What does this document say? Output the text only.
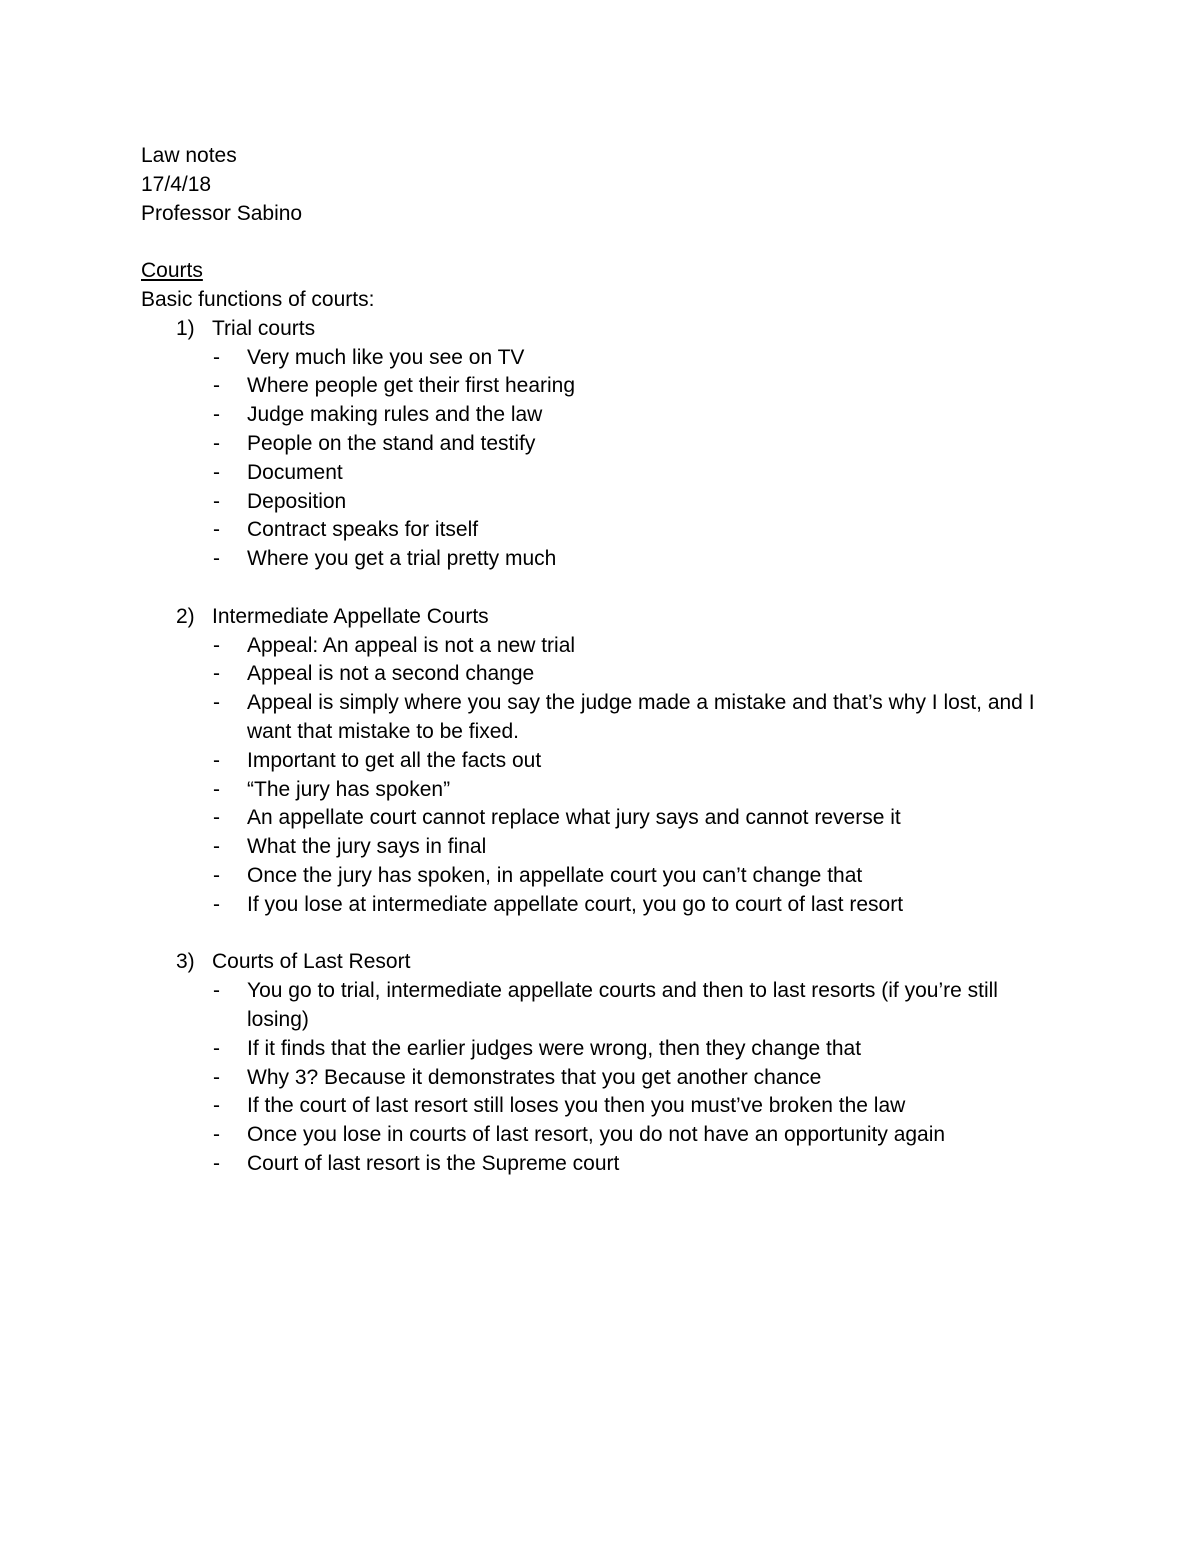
Law notes
17/4/18
Professor Sabino
Courts
Basic functions of courts:
1) Trial courts
- Very much like you see on TV
- Where people get their first hearing
- Judge making rules and the law
- People on the stand and testify
- Document
- Deposition
- Contract speaks for itself
- Where you get a trial pretty much
2) Intermediate Appellate Courts
- Appeal: An appeal is not a new trial
- Appeal is not a second change
- Appeal is simply where you say the judge made a mistake and that’s why I lost, and I want that mistake to be fixed.
- Important to get all the facts out
- “The jury has spoken”
- An appellate court cannot replace what jury says and cannot reverse it
- What the jury says in final
- Once the jury has spoken, in appellate court you can’t change that
- If you lose at intermediate appellate court, you go to court of last resort
3) Courts of Last Resort
- You go to trial, intermediate appellate courts and then to last resorts (if you’re still losing)
- If it finds that the earlier judges were wrong, then they change that
- Why 3? Because it demonstrates that you get another chance
- If the court of last resort still loses you then you must’ve broken the law
- Once you lose in courts of last resort, you do not have an opportunity again
- Court of last resort is the Supreme court
